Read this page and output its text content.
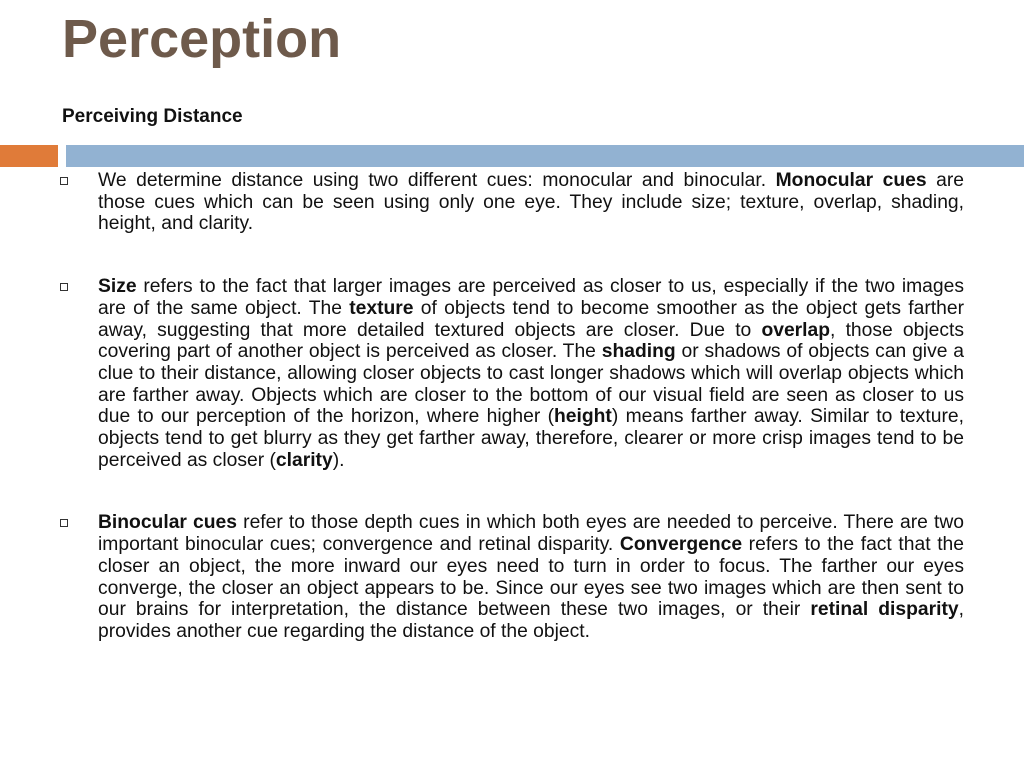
Perception
Perceiving Distance
We determine distance using two different cues: monocular and binocular. Monocular cues are those cues which can be seen using only one eye. They include size; texture, overlap, shading, height, and clarity.
Size refers to the fact that larger images are perceived as closer to us, especially if the two images are of the same object. The texture of objects tend to become smoother as the object gets farther away, suggesting that more detailed textured objects are closer. Due to overlap, those objects covering part of another object is perceived as closer. The shading or shadows of objects can give a clue to their distance, allowing closer objects to cast longer shadows which will overlap objects which are farther away. Objects which are closer to the bottom of our visual field are seen as closer to us due to our perception of the horizon, where higher (height) means farther away. Similar to texture, objects tend to get blurry as they get farther away, therefore, clearer or more crisp images tend to be perceived as closer (clarity).
Binocular cues refer to those depth cues in which both eyes are needed to perceive. There are two important binocular cues; convergence and retinal disparity. Convergence refers to the fact that the closer an object, the more inward our eyes need to turn in order to focus. The farther our eyes converge, the closer an object appears to be. Since our eyes see two images which are then sent to our brains for interpretation, the distance between these two images, or their retinal disparity, provides another cue regarding the distance of the object.
